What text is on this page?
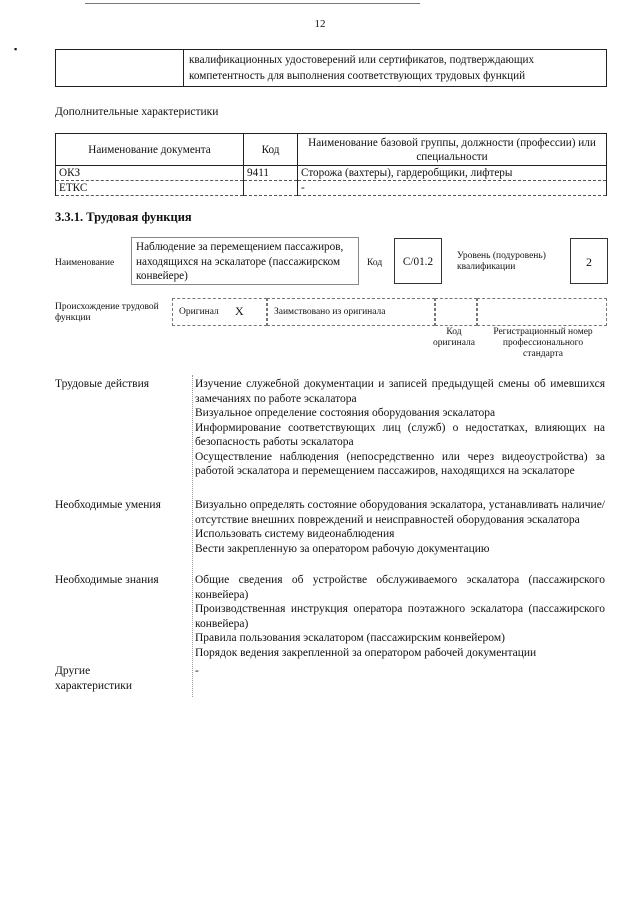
▪
12
квалификационных удостоверений или сертификатов, подтверждающих компетентность для выполнения соответствующих трудовых функций
Дополнительные характеристики
Наименование документа	Код	Наименование базовой группы, должности (профессии) или специальности
ОКЗ	9411	Сторожа (вахтеры), гардеробщики, лифтеры
ЕТКС		-
3.3.1. Трудовая функция
Наименование
Наблюдение за перемещением пассажиров, находящихся на эскалаторе (пассажирском конвейере)
Код	C/01.2	Уровень (подуровень) квалификации	2
Происхождение трудовой функции
Оригинал X	Заимствовано из оригинала
Код оригинала
Регистрационный номер профессионального стандарта
Трудовые действия	Изучение служебной документации и записей предыдущей смены об имевшихся замечаниях по работе эскалатора

Визуальное определение состояния оборудования эскалатора

Информирование соответствующих лиц (служб) о недостатках, влияющих на безопасность работы эскалатора

Осуществление наблюдения (непосредственно или через видеоустройства) за работой эскалатора и перемещением пассажиров, находящихся на эскалаторе

Необходимые умения	Визуально определять состояние оборудования эскалатора, устанавливать наличие/отсутствие внешних повреждений и неисправностей оборудования эскалатора

Использовать систему видеонаблюдения

Вести закрепленную за оператором рабочую документацию

Необходимые знания	Общие сведения об устройстве обслуживаемого эскалатора (пассажирского конвейера)

Производственная инструкция оператора поэтажного эскалатора (пассажирского конвейера)

Правила пользования эскалатором (пассажирским конвейером)

Порядок ведения закрепленной за оператором рабочей документации

Другие характеристики
-
